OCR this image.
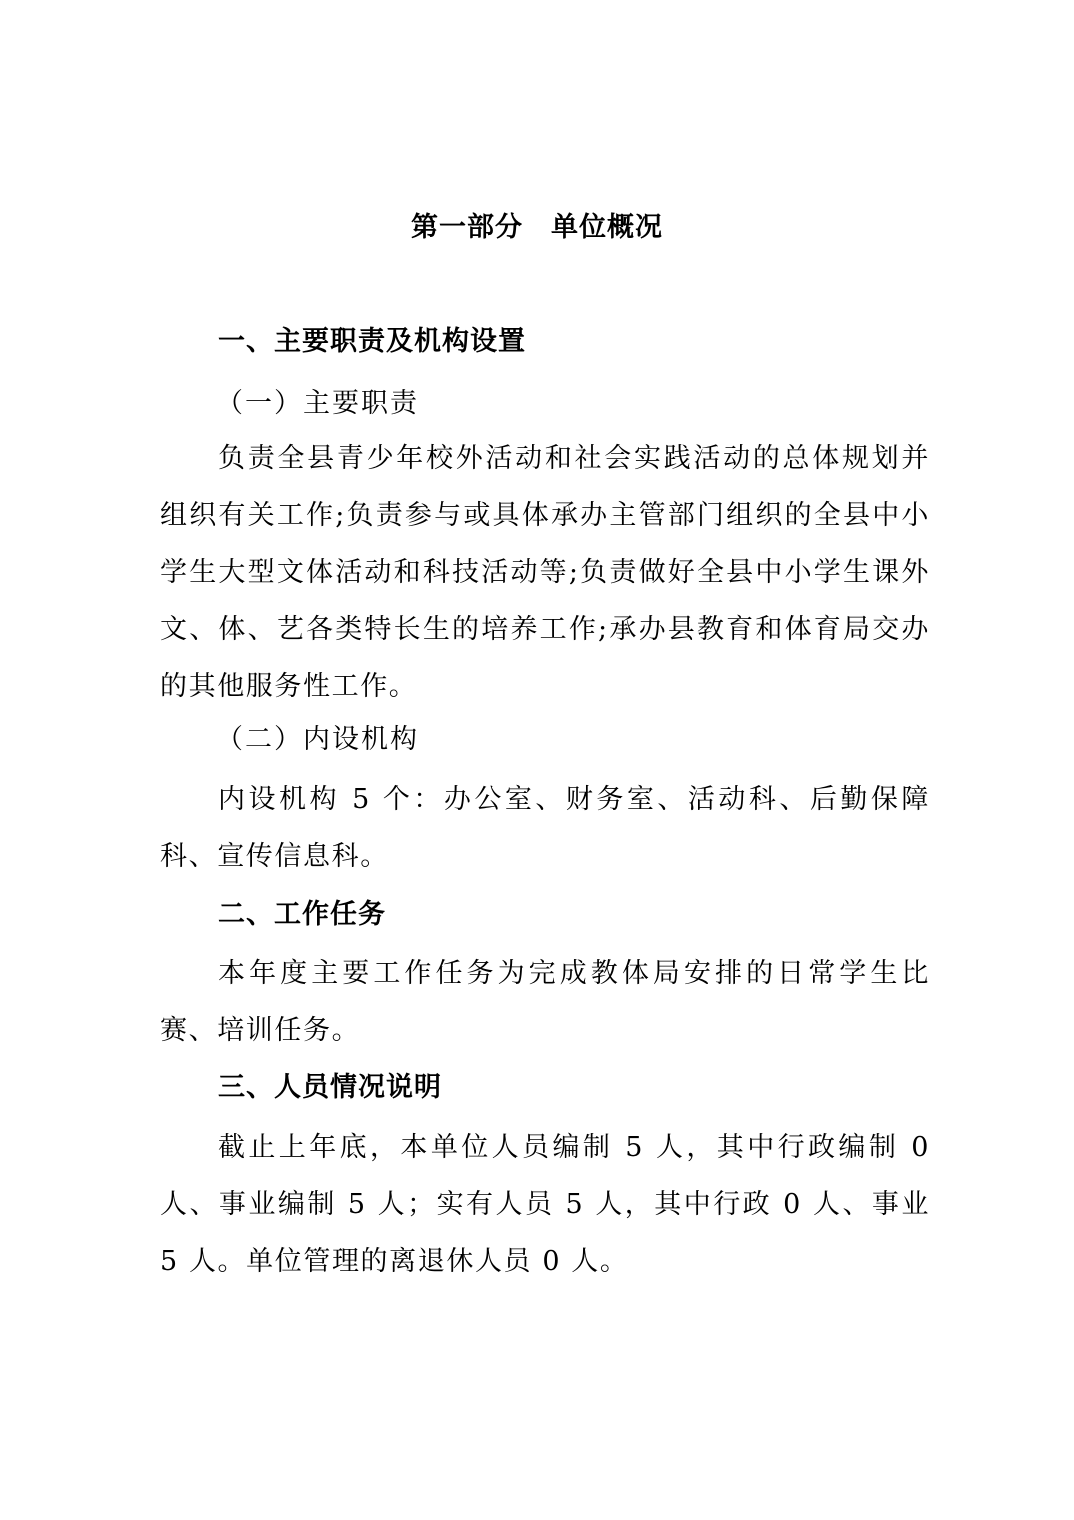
第一部分　单位概况
一、主要职责及机构设置
（一）主要职责
负责全县青少年校外活动和社会实践活动的总体规划并组织有关工作;负责参与或具体承办主管部门组织的全县中小学生大型文体活动和科技活动等;负责做好全县中小学生课外文、体、艺各类特长生的培养工作;承办县教育和体育局交办的其他服务性工作。
（二）内设机构
内设机构 5 个：办公室、财务室、活动科、后勤保障科、宣传信息科。
二、工作任务
本年度主要工作任务为完成教体局安排的日常学生比赛、培训任务。
三、人员情况说明
截止上年底，本单位人员编制 5 人，其中行政编制 0 人、事业编制 5 人；实有人员 5 人，其中行政 0 人、事业 5 人。单位管理的离退休人员 0 人。
